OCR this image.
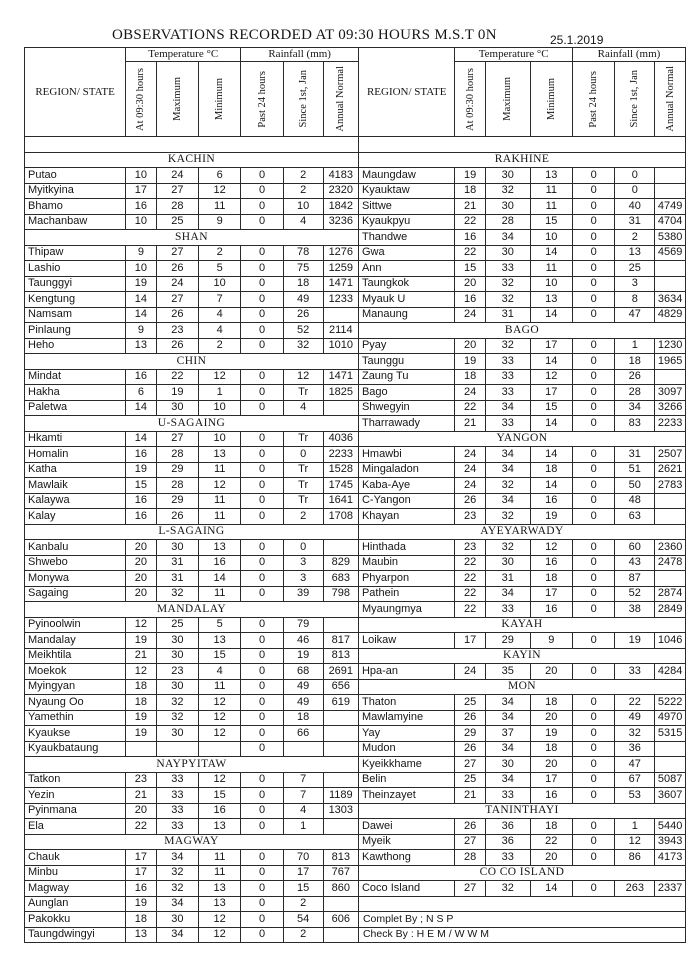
OBSERVATIONS RECORDED AT 09:30 HOURS M.S.T 0N	25.1.2019
REGION/ STATE	Temperature °C			Rainfall (mm)			REGION/ STATE	Temperature °C			Rainfall (mm)		

	At 09:30 hours	Maximum	Minimum	Past 24 hours	Since 1st, Jan	Annual Normal		At 09:30 hours	Maximum	Minimum	Past 24 hours	Since 1st, Jan	Annual Normal

KACHIN							RAKHINE						
Putao	10	24	6	0	2	4183	Maungdaw	19	30	13	0	0	
Myitkyina	17	27	12	0	2	2320	Kyauktaw	18	32	11	0	0	
Bhamo	16	28	11	0	10	1842	Sittwe	21	30	11	0	40	4749
Machanbaw	10	25	9	0	4	3236	Kyaukpyu	22	28	15	0	31	4704
SHAN							Thandwe	16	34	10	0	2	5380
Thipaw	9	27	2	0	78	1276	Gwa	22	30	14	0	13	4569
Lashio	10	26	5	0	75	1259	Ann	15	33	11	0	25	
Taunggyi	19	24	10	0	18	1471	Taungkok	20	32	10	0	3	
Kengtung	14	27	7	0	49	1233	Myauk U	16	32	13	0	8	3634
Namsam	14	26	4	0	26		Manaung	24	31	14	0	47	4829
Pinlaung	9	23	4	0	52	2114	BAGO						
Heho	13	26	2	0	32	1010	Pyay	20	32	17	0	1	1230
CHIN							Taunggu	19	33	14	0	18	1965
Mindat	16	22	12	0	12	1471	Zaung Tu	18	33	12	0	26	
Hakha	6	19	1	0	Tr	1825	Bago	24	33	17	0	28	3097
Paletwa	14	30	10	0	4		Shwegyin	22	34	15	0	34	3266
U-SAGAING							Tharrawady	21	33	14	0	83	2233
Hkamti	14	27	10	0	Tr	4036	YANGON						
Homalin	16	28	13	0	0	2233	Hmawbi	24	34	14	0	31	2507
Katha	19	29	11	0	Tr	1528	Mingaladon	24	34	18	0	51	2621
Mawlaik	15	28	12	0	Tr	1745	Kaba-Aye	24	32	14	0	50	2783
Kalaywa	16	29	11	0	Tr	1641	C-Yangon	26	34	16	0	48	
Kalay	16	26	11	0	2	1708	Khayan	23	32	19	0	63	
L-SAGAING							AYEYARWADY						
Kanbalu	20	30	13	0	0		Hinthada	23	32	12	0	60	2360
Shwebo	20	31	16	0	3	829	Maubin	22	30	16	0	43	2478
Monywa	20	31	14	0	3	683	Phyarpon	22	31	18	0	87	
Sagaing	20	32	11	0	39	798	Pathein	22	34	17	0	52	2874
MANDALAY							Myaungmya	22	33	16	0	38	2849
Pyinoolwin	12	25	5	0	79		KAYAH						
Mandalay	19	30	13	0	46	817	Loikaw	17	29	9	0	19	1046
Meikhtila	21	30	15	0	19	813	KAYIN						
Moekok	12	23	4	0	68	2691	Hpa-an	24	35	20	0	33	4284
Myingyan	18	30	11	0	49	656	MON						
Nyaung Oo	18	32	12	0	49	619	Thaton	25	34	18	0	22	5222
Yamethin	19	32	12	0	18		Mawlamyine	26	34	20	0	49	4970
Kyaukse	19	30	12	0	66		Yay	29	37	19	0	32	5315
Kyaukbataung				0			Mudon	26	34	18	0	36	
NAYPYITAW							Kyeikkhame	27	30	20	0	47	
Tatkon	23	33	12	0	7		Belin	25	34	17	0	67	5087
Yezin	21	33	15	0	7	1189	Theinzayet	21	33	16	0	53	3607
Pyinmana	20	33	16	0	4	1303	TANINTHAYI						
Ela	22	33	13	0	1		Dawei	26	36	18	0	1	5440
MAGWAY							Myeik	27	36	22	0	12	3943
Chauk	17	34	11	0	70	813	Kawthong	28	33	20	0	86	4173
Minbu	17	32	11	0	17	767	CO CO ISLAND						
Magway	16	32	13	0	15	860	Coco Island	27	32	14	0	263	2337
Aunglan	19	34	13	0	2								
Pakokku	18	30	12	0	54	606	Complet By ; N S P						
Taungdwingyi	13	34	12	0	2		Check By : H E M / W W M						
